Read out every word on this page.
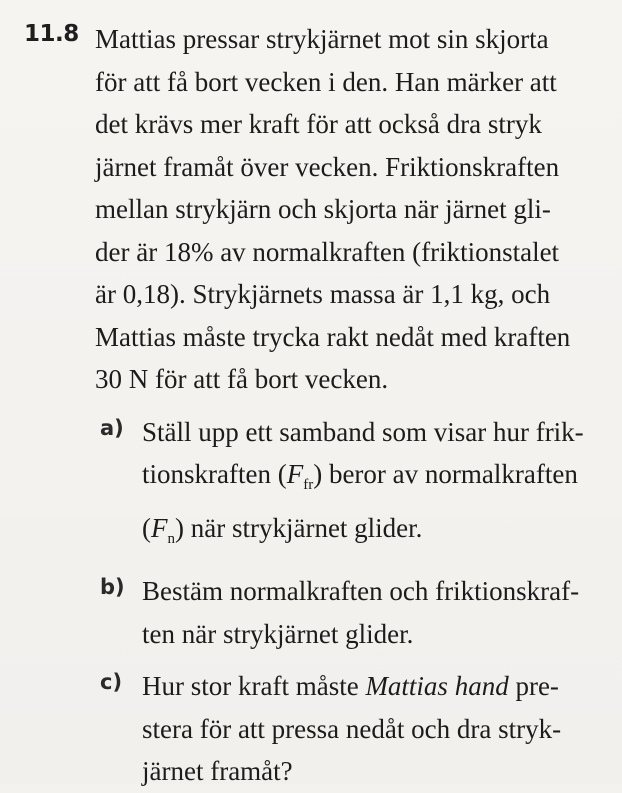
11.8 Mattias pressar strykjärnet mot sin skjorta
för att få bort vecken i den. Han märker att
det krävs mer kraft för att också dra stryk
järnet framåt över vecken. Friktionskraften
mellan strykjärn och skjorta när järnet gli-
der är 18% av normalkraften (friktionstalet
är 0,18). Strykjärnets massa är 1,1 kg, och
Mattias måste trycka rakt nedåt med kraften
30 N för att få bort vecken.
a) Ställ upp ett samband som visar hur frik-
tionskraften $(F_{fr})$ beror av normalkraften
$(F_n)$ när strykjärnet glider.
b) Bestäm normalkraften och friktionskraf-
ten när strykjärnet glider.
c) Hur stor kraft måste Mattias hand pre-
stera för att pressa nedåt och dra stryk-
järnet framåt?
